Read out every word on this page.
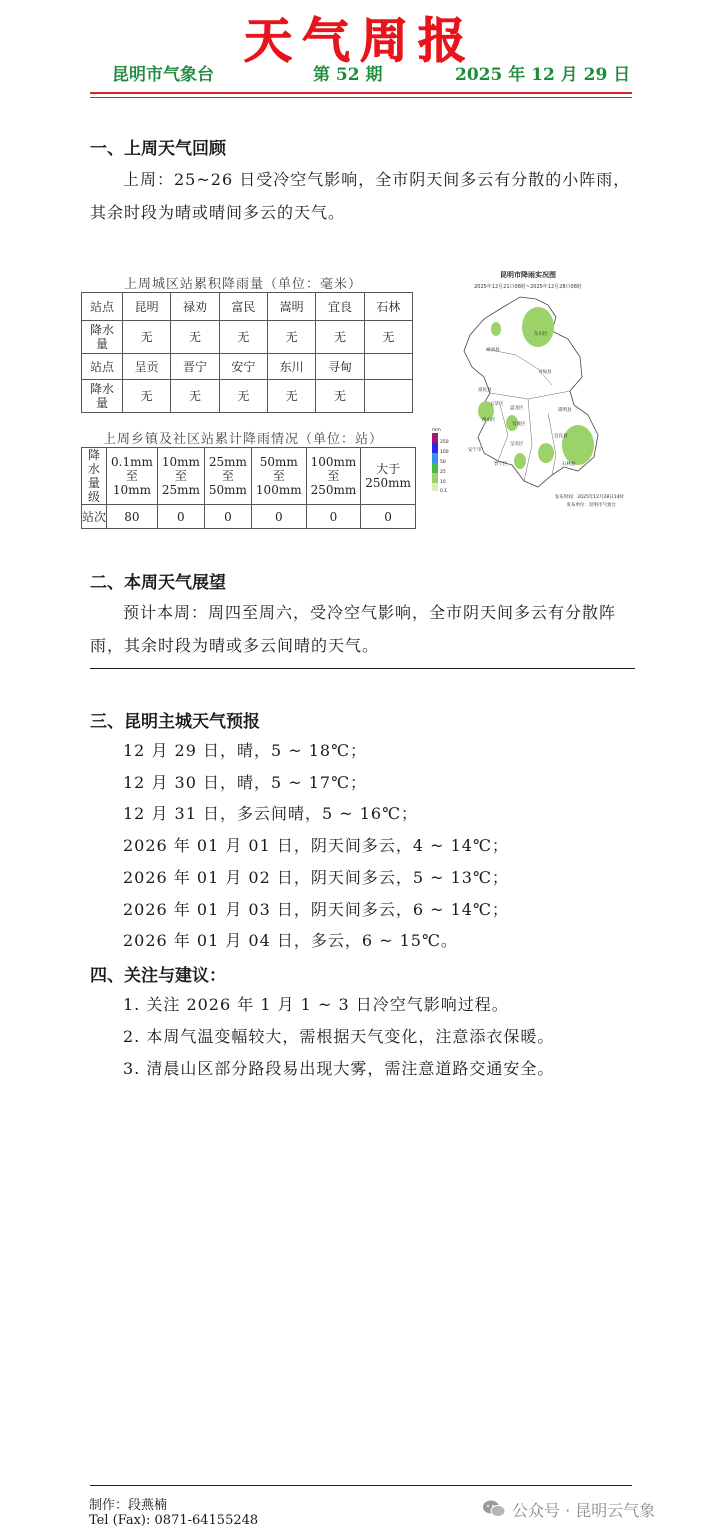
天气周报
昆明市气象台	第 52 期	2025 年 12 月 29 日
一、上周天气回顾
上周：25~26 日受冷空气影响，全市阴天间多云有分散的小阵雨，其余时段为晴或晴间多云的天气。
上周城区站累积降雨量（单位：毫米）
站点	昆明	禄劝	富民	嵩明	宜良	石林
降水量	无	无	无	无	无	无
站点	呈贡	晋宁	安宁	东川	寻甸	
降水量	无	无	无	无	无	
上周乡镇及社区站累计降雨情况（单位：站）
降水量级	0.1mm至10mm	10mm至25mm	25mm至50mm	50mm至100mm	100mm至250mm	大于250mm
站次	80	0	0	0	0	0
昆明市降雨实况图
2025年12月21日08时~2025年12月28日08时
东川区
禄劝县
寻甸县
富民县
嵩明县
五华区
盘龙区
西山区
官渡区
呈贡区
宜良县
安宁市
晋宁区	石林县
mm
250
100
50
25
10
0.1
发布时间：2025年12月28日14时
发布单位：昆明市气象台
二、本周天气展望
预计本周：周四至周六，受冷空气影响，全市阴天间多云有分散阵雨，其余时段为晴或多云间晴的天气。
三、昆明主城天气预报
12 月 29 日，晴，5 ~ 18℃；
12 月 30 日，晴，5 ~ 17℃；
12 月 31 日，多云间晴，5 ~ 16℃；
2026 年 01 月 01 日，阴天间多云，4 ~ 14℃；
2026 年 01 月 02 日，阴天间多云，5 ~ 13℃；
2026 年 01 月 03 日，阴天间多云，6 ~ 14℃；
2026 年 01 月 04 日，多云，6 ~ 15℃。
四、关注与建议：
1. 关注 2026 年 1 月 1 ~ 3 日冷空气影响过程。
2. 本周气温变幅较大，需根据天气变化，注意添衣保暖。
3. 清晨山区部分路段易出现大雾，需注意道路交通安全。
制作：段燕楠
Tel (Fax): 0871-64155248
公众号 · 昆明云气象
